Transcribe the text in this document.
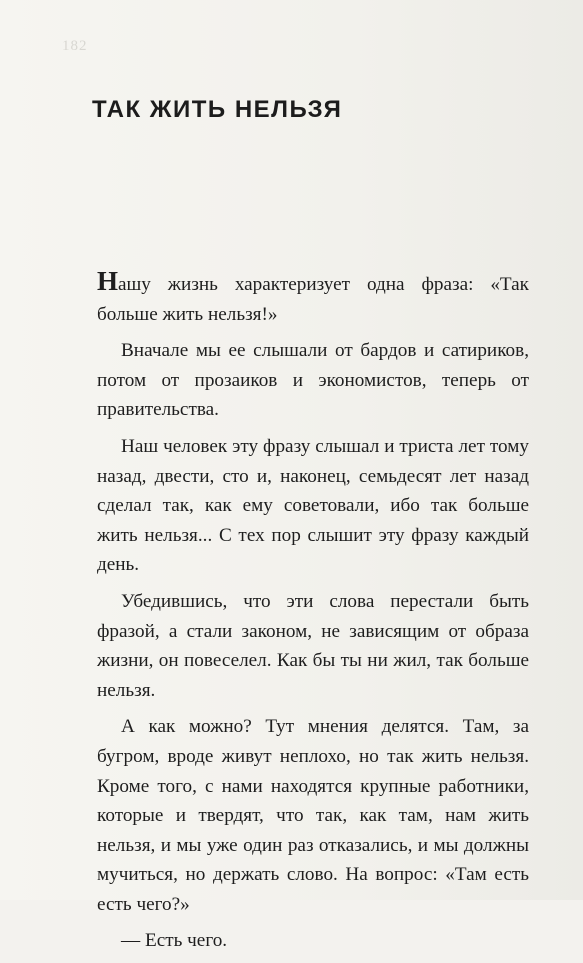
182
ТАК ЖИТЬ НЕЛЬЗЯ

Нашу жизнь характеризует одна фраза: «Так больше жить нельзя!»

Вначале мы ее слышали от бардов и сатириков, потом от прозаиков и экономистов, теперь от правительства.

Наш человек эту фразу слышал и триста лет тому назад, двести, сто и, наконец, семьдесят лет назад сделал так, как ему советовали, ибо так больше жить нельзя... С тех пор слышит эту фразу каждый день.

Убедившись, что эти слова перестали быть фразой, а стали законом, не зависящим от образа жизни, он повеселел. Как бы ты ни жил, так больше нельзя.

А как можно? Тут мнения делятся. Там, за бугром, вроде живут неплохо, но так жить нельзя. Кроме того, с нами находятся крупные работники, которые и твердят, что так, как там, нам жить нельзя, и мы уже один раз отказались, и мы должны мучиться, но держать слово. На вопрос: «Там есть есть чего?»

— Есть чего.
